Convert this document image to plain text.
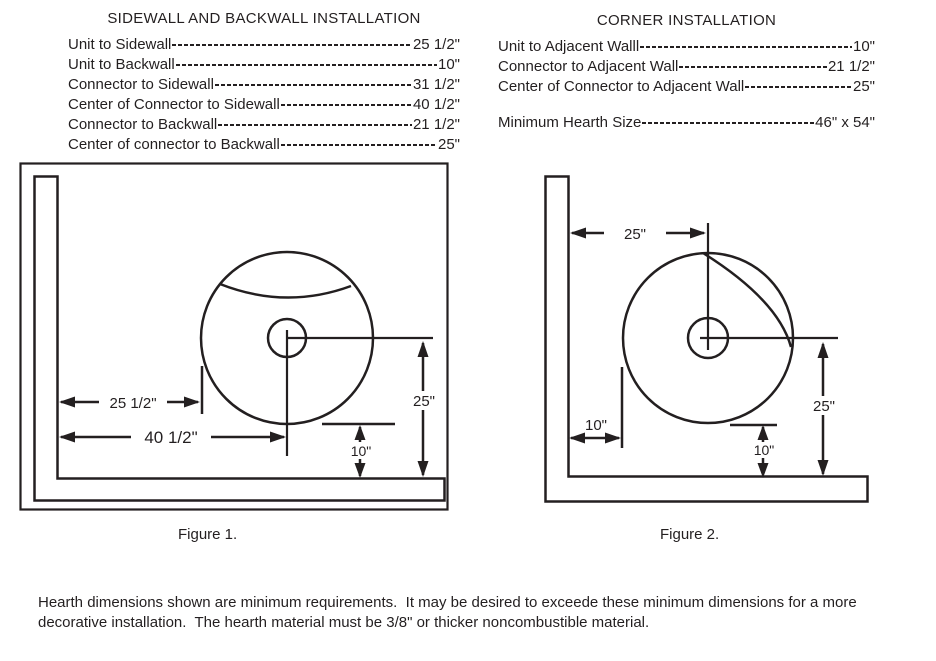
SIDEWALL AND BACKWALL INSTALLATION
Unit to Sidewall	25 1/2"
Unit to Backwall	10"
Connector to Sidewall	31 1/2"
Center of Connector to Sidewall	40 1/2"
Connector to Backwall	21 1/2"
Center of connector to Backwall	25"
CORNER INSTALLATION
Unit to Adjacent Walll	10"
Connector to Adjacent Wall	21 1/2"
Center of Connector to Adjacent Wall	25"
Minimum Hearth Size	46" x 54"
25 1/2"
40 1/2"
25"
10"
25"
25"
10"
10"
Figure 1.	Figure 2.

Hearth dimensions shown are minimum requirements.  It may be desired to exceede these minimum dimensions for a more decorative installation.  The hearth material must be 3/8" or thicker noncombustible material.
